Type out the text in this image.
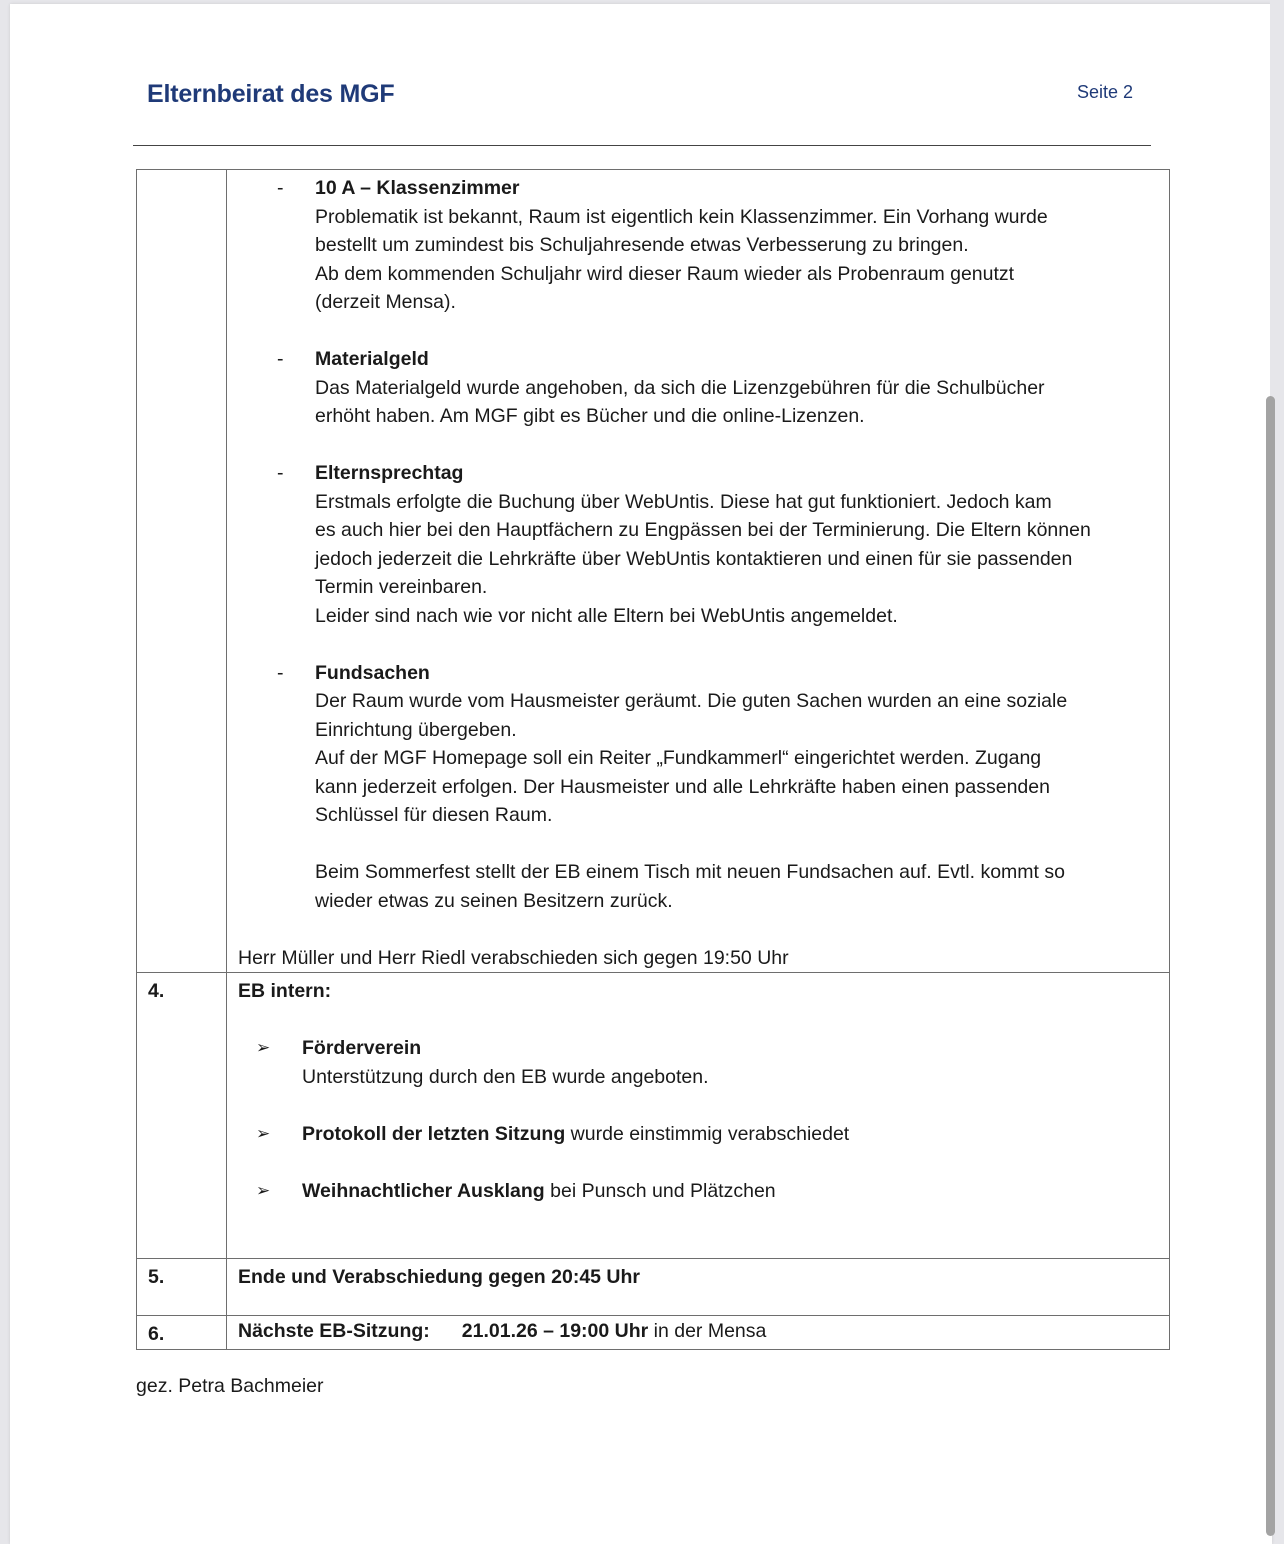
Elternbeirat des MGF	Seite 2

- 10 A – Klassenzimmer
Problematik ist bekannt, Raum ist eigentlich kein Klassenzimmer. Ein Vorhang wurde
bestellt um zumindest bis Schuljahresende etwas Verbesserung zu bringen.
Ab dem kommenden Schuljahr wird dieser Raum wieder als Probenraum genutzt
(derzeit Mensa).
- Materialgeld
Das Materialgeld wurde angehoben, da sich die Lizenzgebühren für die Schulbücher
erhöht haben. Am MGF gibt es Bücher und die online-Lizenzen.
- Elternsprechtag
Erstmals erfolgte die Buchung über WebUntis. Diese hat gut funktioniert. Jedoch kam
es auch hier bei den Hauptfächern zu Engpässen bei der Terminierung. Die Eltern können
jedoch jederzeit die Lehrkräfte über WebUntis kontaktieren und einen für sie passenden
Termin vereinbaren.
Leider sind nach wie vor nicht alle Eltern bei WebUntis angemeldet.
- Fundsachen
Der Raum wurde vom Hausmeister geräumt. Die guten Sachen wurden an eine soziale
Einrichtung übergeben.
Auf der MGF Homepage soll ein Reiter „Fundkammerl“ eingerichtet werden. Zugang
kann jederzeit erfolgen. Der Hausmeister und alle Lehrkräfte haben einen passenden
Schlüssel für diesen Raum.
Beim Sommerfest stellt der EB einem Tisch mit neuen Fundsachen auf. Evtl. kommt so
wieder etwas zu seinen Besitzern zurück.
Herr Müller und Herr Riedl verabschieden sich gegen 19:50 Uhr

4.	EB intern:
➢ Förderverein
Unterstützung durch den EB wurde angeboten.
➢ Protokoll der letzten Sitzung wurde einstimmig verabschiedet
➢ Weihnachtlicher Ausklang bei Punsch und Plätzchen

5.	Ende und Verabschiedung gegen 20:45 Uhr

6.	Nächste EB-Sitzung: 21.01.26 – 19:00 Uhr in der Mensa
gez. Petra Bachmeier
